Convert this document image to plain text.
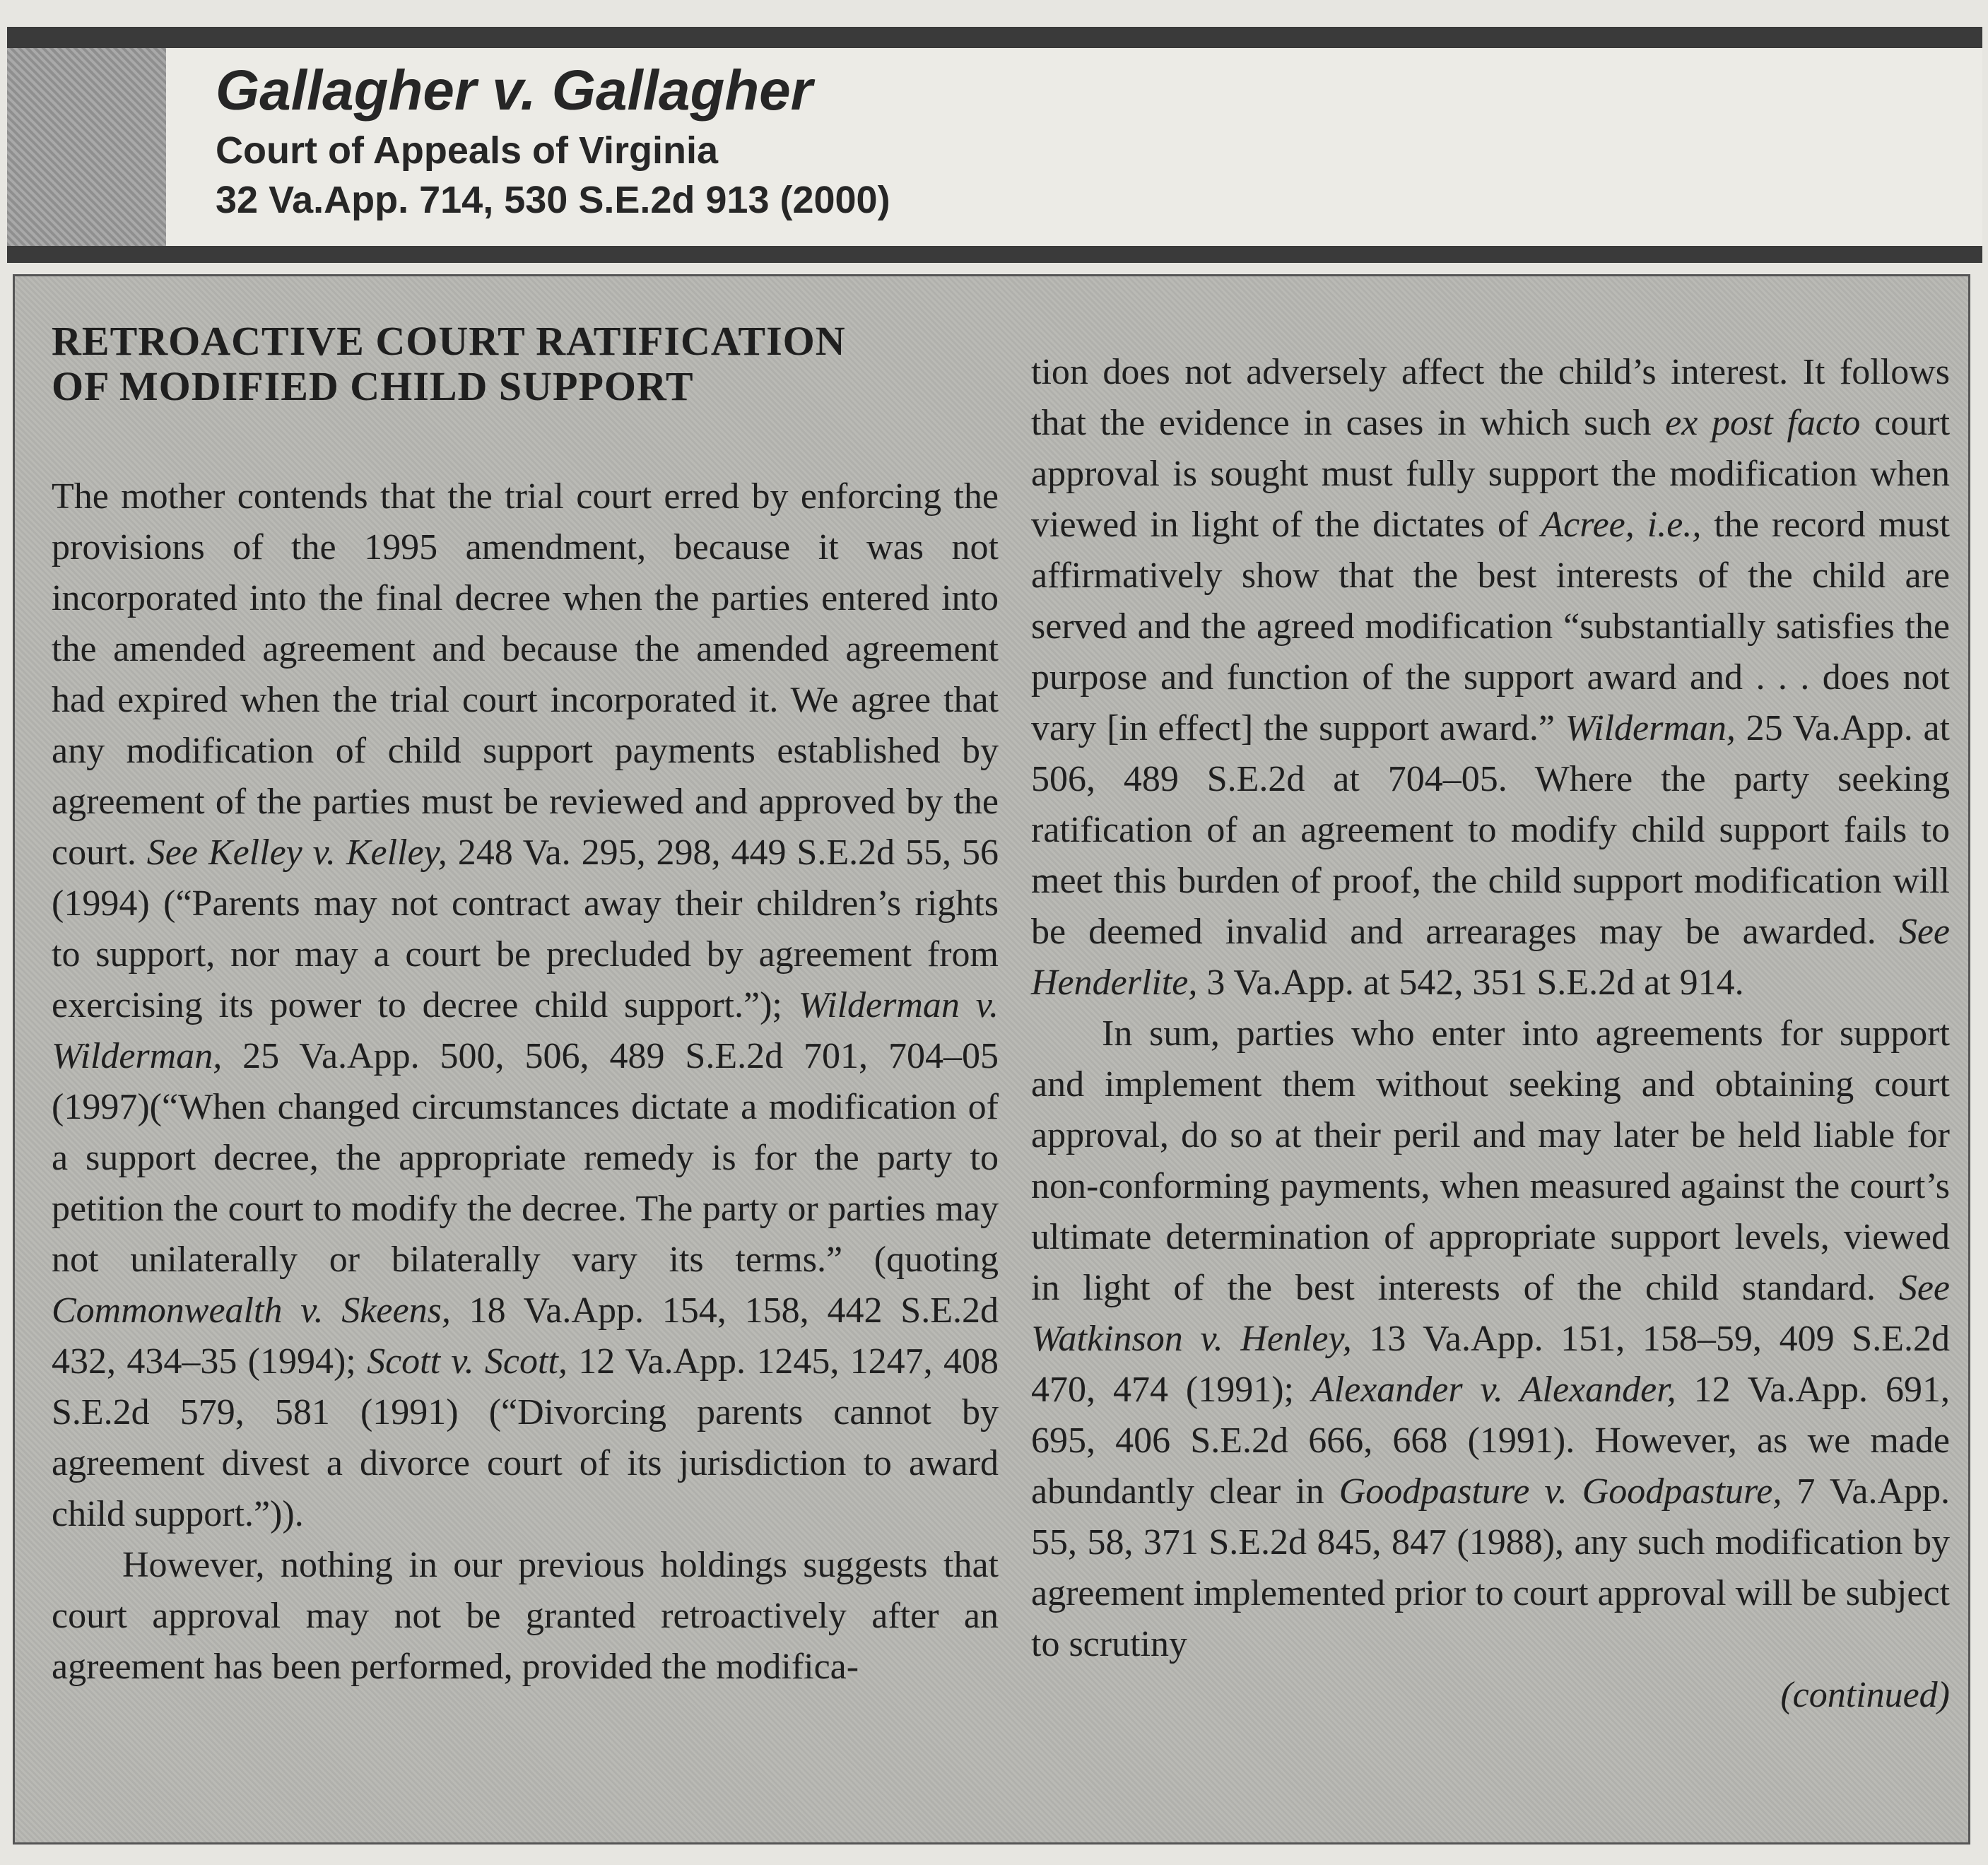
Gallagher v. Gallagher
Court of Appeals of Virginia
32 Va.App. 714, 530 S.E.2d 913 (2000)
RETROACTIVE COURT RATIFICATION
OF MODIFIED CHILD SUPPORT

The mother contends that the trial court erred by enforcing the provisions of the 1995 amendment, because it was not incorporated into the final decree when the parties entered into the amended agreement and because the amended agreement had expired when the trial court incorporated it. We agree that any modification of child support payments established by agreement of the parties must be reviewed and approved by the court. See Kelley v. Kelley, 248 Va. 295, 298, 449 S.E.2d 55, 56 (1994) (“Parents may not contract away their children’s rights to support, nor may a court be precluded by agreement from exercising its power to decree child support.”); Wilderman v. Wilderman, 25 Va.App. 500, 506, 489 S.E.2d 701, 704–05 (1997)(“When changed circumstances dictate a modification of a support decree, the appropriate remedy is for the party to petition the court to modify the decree. The party or parties may not unilaterally or bilaterally vary its terms.” (quoting Commonwealth v. Skeens, 18 Va.App. 154, 158, 442 S.E.2d 432, 434–35 (1994); Scott v. Scott, 12 Va.App. 1245, 1247, 408 S.E.2d 579, 581 (1991) (“Divorcing parents cannot by agreement divest a divorce court of its jurisdiction to award child support.”)).

However, nothing in our previous holdings suggests that court approval may not be granted retroactively after an agreement has been performed, provided the modifica-

tion does not adversely affect the child’s interest. It follows that the evidence in cases in which such ex post facto court approval is sought must fully support the modification when viewed in light of the dictates of Acree, i.e., the record must affirmatively show that the best interests of the child are served and the agreed modification “substantially satisfies the purpose and function of the support award and . . . does not vary [in effect] the support award.” Wilderman, 25 Va.App. at 506, 489 S.E.2d at 704–05. Where the party seeking ratification of an agreement to modify child support fails to meet this burden of proof, the child support modification will be deemed invalid and arrearages may be awarded. See Henderlite, 3 Va.App. at 542, 351 S.E.2d at 914.

In sum, parties who enter into agreements for support and implement them without seeking and obtaining court approval, do so at their peril and may later be held liable for non-conforming payments, when measured against the court’s ultimate determination of appropriate support levels, viewed in light of the best interests of the child standard. See Watkinson v. Henley, 13 Va.App. 151, 158–59, 409 S.E.2d 470, 474 (1991); Alexander v. Alexander, 12 Va.App. 691, 695, 406 S.E.2d 666, 668 (1991). However, as we made abundantly clear in Goodpasture v. Goodpasture, 7 Va.App. 55, 58, 371 S.E.2d 845, 847 (1988), any such modification by agreement implemented prior to court approval will be subject to scrutiny

(continued)
